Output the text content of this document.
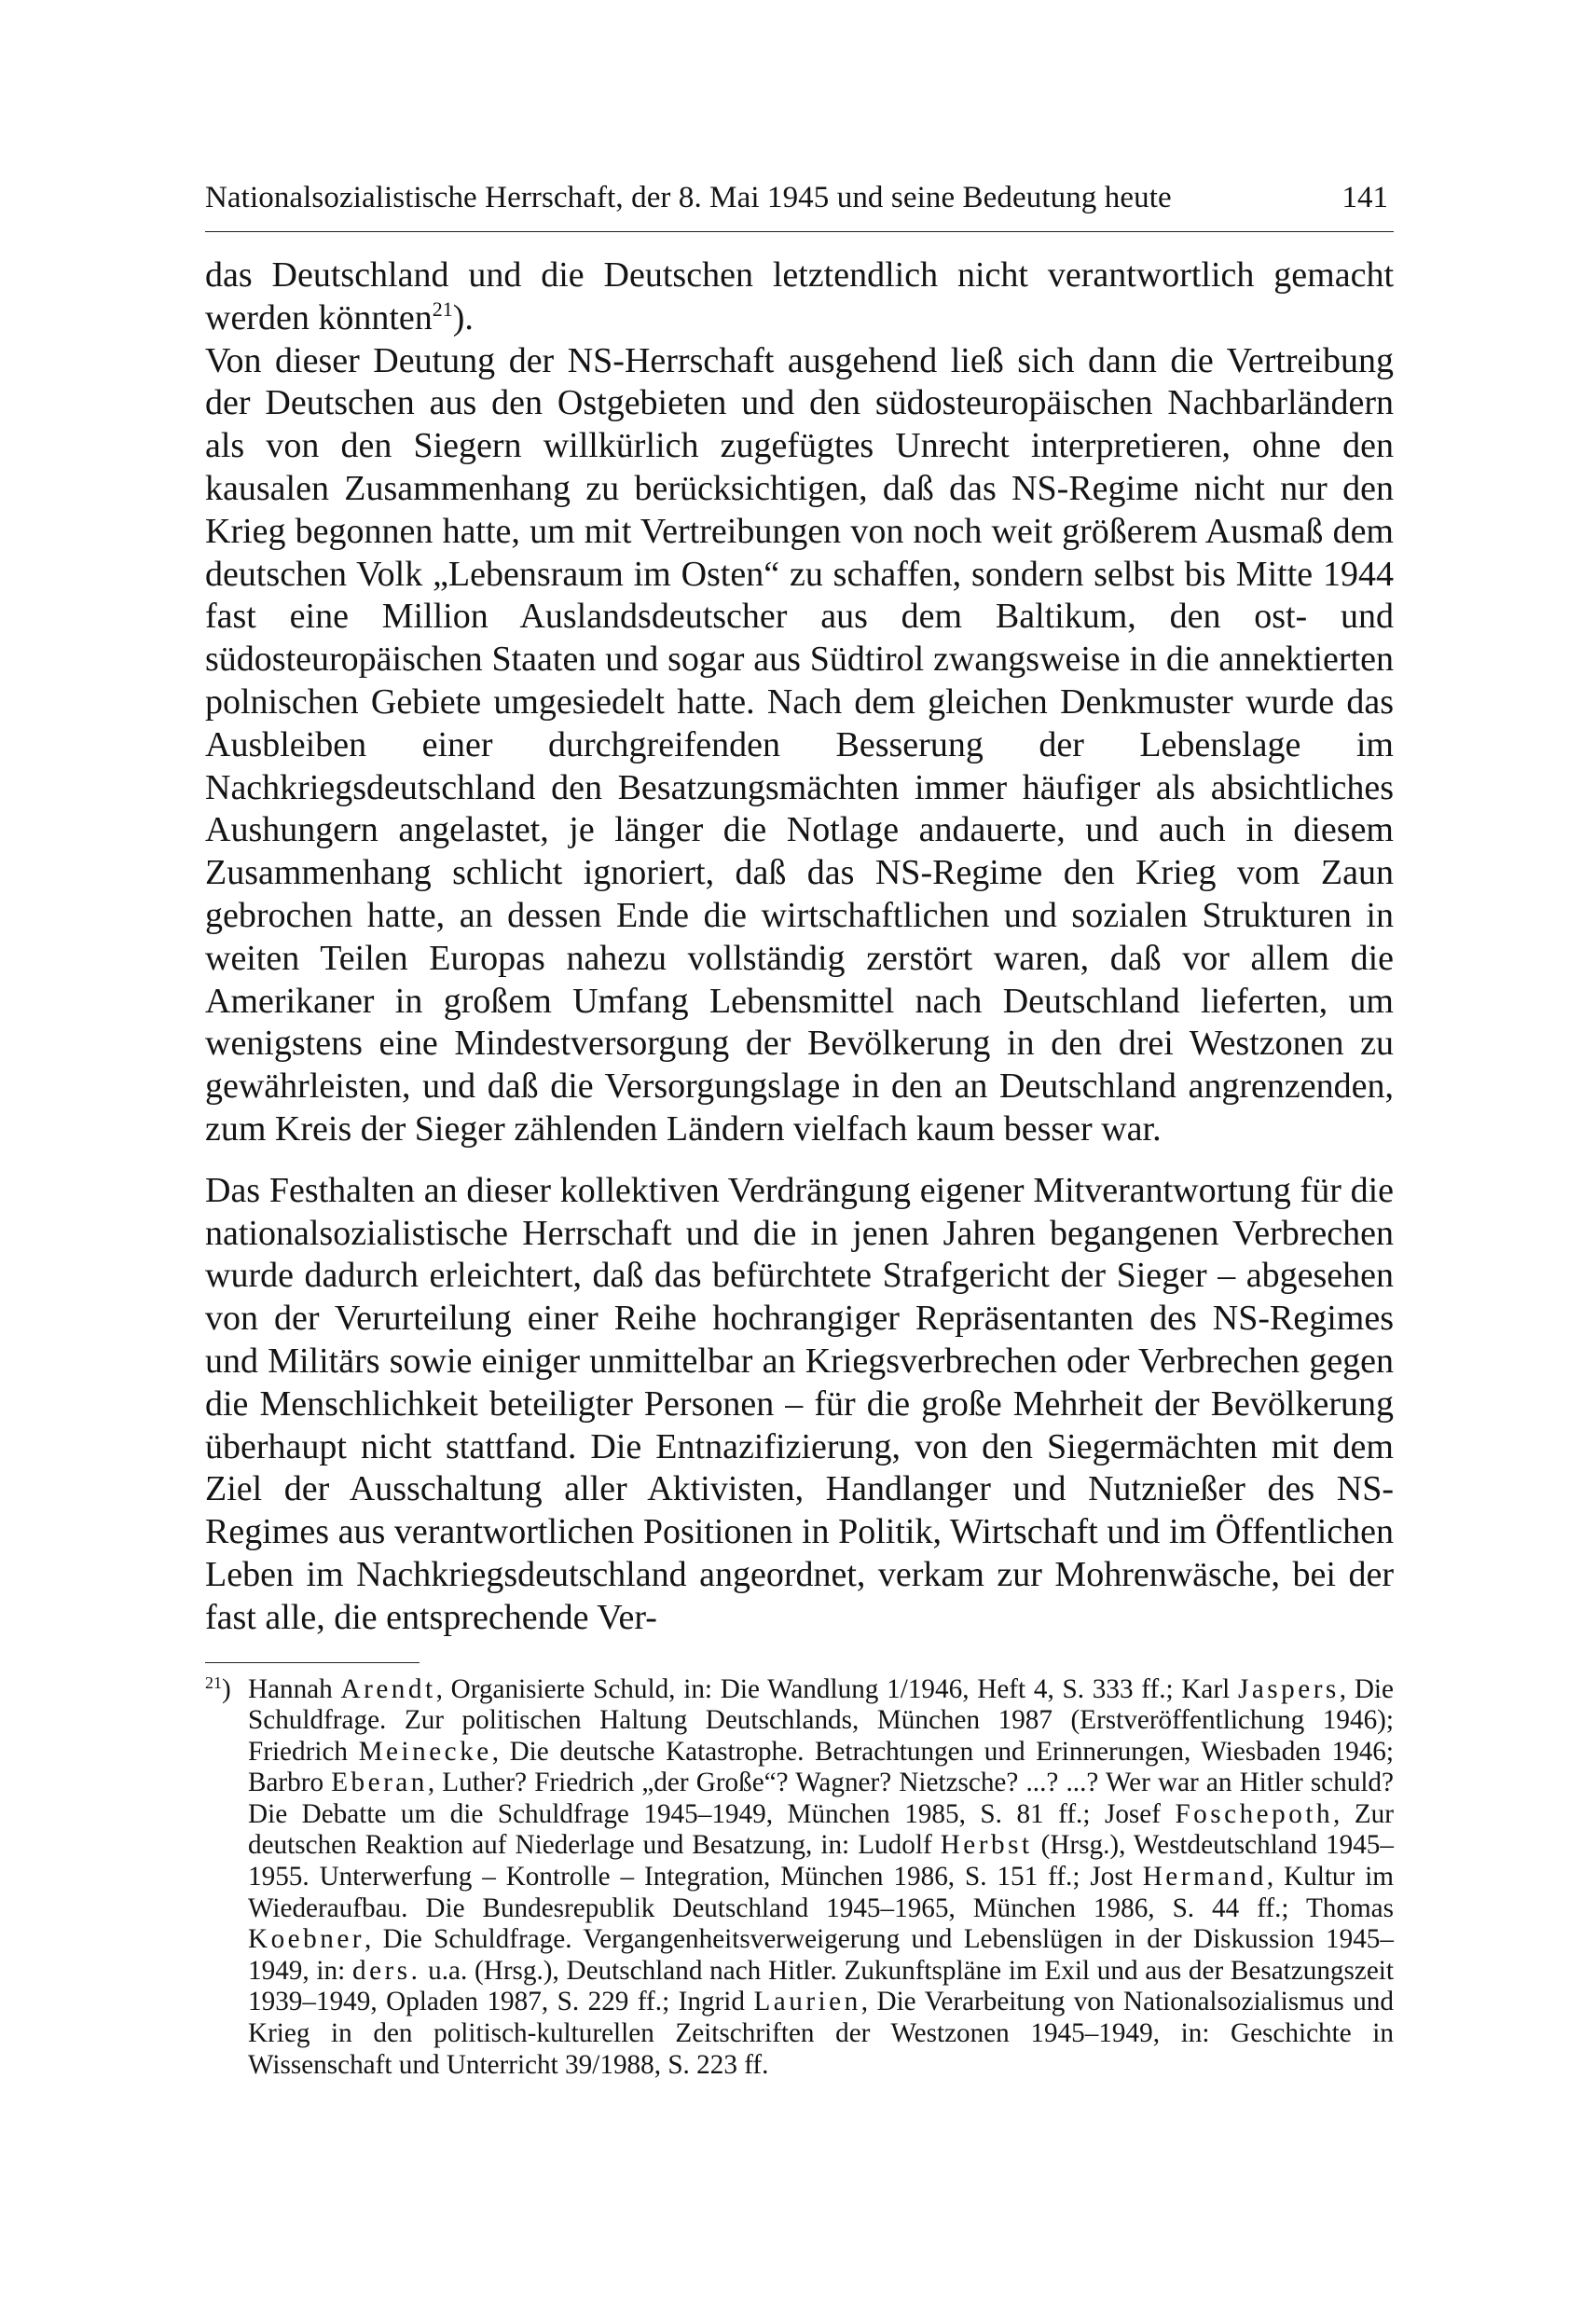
Nationalsozialistische Herrschaft, der 8. Mai 1945 und seine Bedeutung heute	141

das Deutschland und die Deutschen letztendlich nicht verantwortlich gemacht werden könnten$^{21}$).

Von dieser Deutung der NS-Herrschaft ausgehend ließ sich dann die Vertreibung der Deutschen aus den Ostgebieten und den südosteuropäischen Nachbarländern als von den Siegern willkürlich zugefügtes Unrecht interpretieren, ohne den kausalen Zusammenhang zu berücksichtigen, daß das NS-Regime nicht nur den Krieg begonnen hatte, um mit Vertreibungen von noch weit größerem Ausmaß dem deutschen Volk „Lebensraum im Osten“ zu schaffen, sondern selbst bis Mitte 1944 fast eine Million Auslandsdeutscher aus dem Baltikum, den ost- und südosteuropäischen Staaten und sogar aus Südtirol zwangsweise in die annektierten polnischen Gebiete umgesiedelt hatte. Nach dem gleichen Denkmuster wurde das Ausbleiben einer durchgreifenden Besserung der Lebenslage im Nachkriegsdeutschland den Besatzungsmächten immer häufiger als absichtliches Aushungern angelastet, je länger die Notlage andauerte, und auch in diesem Zusammenhang schlicht ignoriert, daß das NS-Regime den Krieg vom Zaun gebrochen hatte, an dessen Ende die wirtschaftlichen und sozialen Strukturen in weiten Teilen Europas nahezu vollständig zerstört waren, daß vor allem die Amerikaner in großem Umfang Lebensmittel nach Deutschland lieferten, um wenigstens eine Mindestversorgung der Bevölkerung in den drei Westzonen zu gewährleisten, und daß die Versorgungslage in den an Deutschland angrenzenden, zum Kreis der Sieger zählenden Ländern vielfach kaum besser war.

Das Festhalten an dieser kollektiven Verdrängung eigener Mitverantwortung für die nationalsozialistische Herrschaft und die in jenen Jahren begangenen Verbrechen wurde dadurch erleichtert, daß das befürchtete Strafgericht der Sieger – abgesehen von der Verurteilung einer Reihe hochrangiger Repräsentanten des NS-Regimes und Militärs sowie einiger unmittelbar an Kriegsverbrechen oder Verbrechen gegen die Menschlichkeit beteiligter Personen – für die große Mehrheit der Bevölkerung überhaupt nicht stattfand. Die Entnazifizierung, von den Siegermächten mit dem Ziel der Ausschaltung aller Aktivisten, Handlanger und Nutznießer des NS-Regimes aus verantwortlichen Positionen in Politik, Wirtschaft und im Öffentlichen Leben im Nachkriegsdeutschland angeordnet, verkam zur Mohrenwäsche, bei der fast alle, die entsprechende Ver-

$^{21}$) Hannah Arendt, Organisierte Schuld, in: Die Wandlung 1/1946, Heft 4, S. 333 ff.; Karl Jaspers, Die Schuldfrage. Zur politischen Haltung Deutschlands, München 1987 (Erstveröffentlichung 1946); Friedrich Meinecke, Die deutsche Katastrophe. Betrachtungen und Erinnerungen, Wiesbaden 1946; Barbro Eberan, Luther? Friedrich „der Große“? Wagner? Nietzsche? ...? ...? Wer war an Hitler schuld? Die Debatte um die Schuldfrage 1945–1949, München 1985, S. 81 ff.; Josef Foschepoth, Zur deutschen Reaktion auf Niederlage und Besatzung, in: Ludolf Herbst (Hrsg.), Westdeutschland 1945–1955. Unterwerfung – Kontrolle – Integration, München 1986, S. 151 ff.; Jost Hermand, Kultur im Wiederaufbau. Die Bundesrepublik Deutschland 1945–1965, München 1986, S. 44 ff.; Thomas Koebner, Die Schuldfrage. Vergangenheitsverweigerung und Lebenslügen in der Diskussion 1945–1949, in: ders. u.a. (Hrsg.), Deutschland nach Hitler. Zukunftspläne im Exil und aus der Besatzungszeit 1939–1949, Opladen 1987, S. 229 ff.; Ingrid Laurien, Die Verarbeitung von Nationalsozialismus und Krieg in den politisch-kulturellen Zeitschriften der Westzonen 1945–1949, in: Geschichte in Wissenschaft und Unterricht 39/1988, S. 223 ff.
